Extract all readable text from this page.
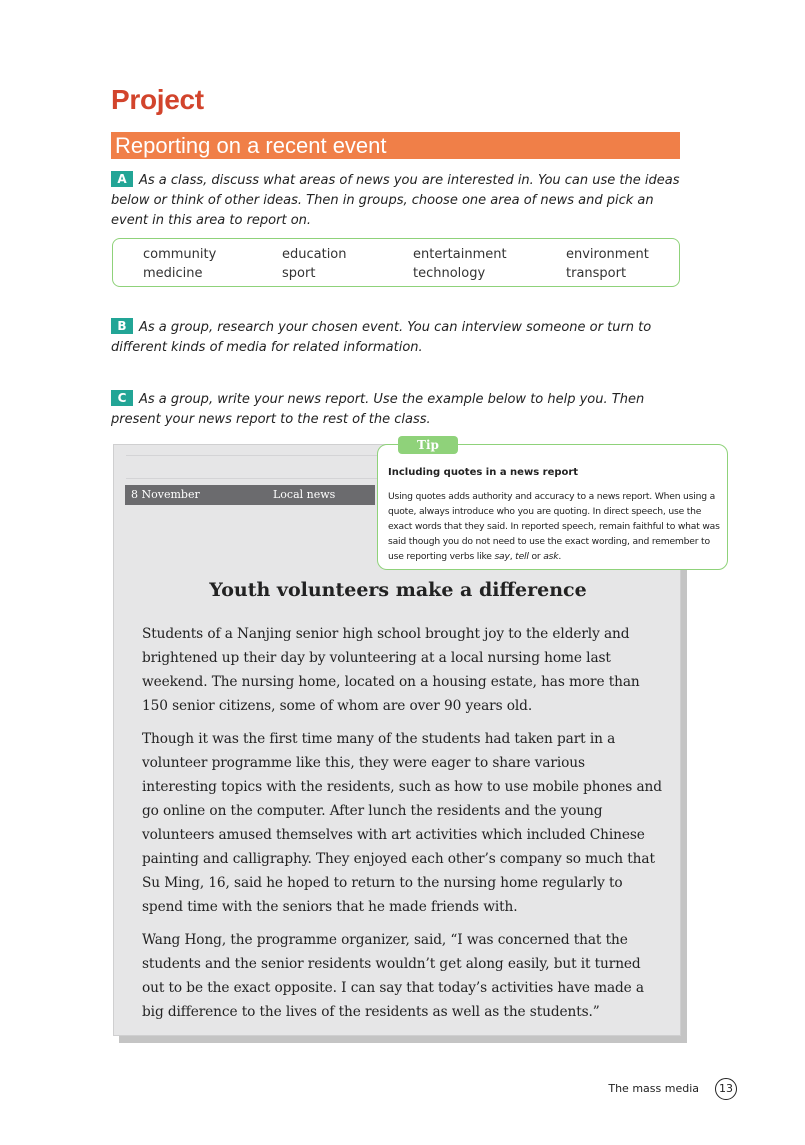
Project
Reporting on a recent event
A As a class, discuss what areas of news you are interested in. You can use the ideas below or think of other ideas. Then in groups, choose one area of news and pick an event in this area to report on.
community	education	entertainment	environment
medicine	sport	technology	transport
B As a group, research your chosen event. You can interview someone or turn to different kinds of media for related information.
C As a group, write your news report. Use the example below to help you. Then present your news report to the rest of the class.
8 November	Local news
Youth volunteers make a difference

Students of a Nanjing senior high school brought joy to the elderly and brightened up their day by volunteering at a local nursing home last weekend. The nursing home, located on a housing estate, has more than 150 senior citizens, some of whom are over 90 years old.

Though it was the first time many of the students had taken part in a volunteer programme like this, they were eager to share various interesting topics with the residents, such as how to use mobile phones and go online on the computer. After lunch the residents and the young volunteers amused themselves with art activities which included Chinese painting and calligraphy. They enjoyed each other’s company so much that Su Ming, 16, said he hoped to return to the nursing home regularly to spend time with the seniors that he made friends with.

Wang Hong, the programme organizer, said, “I was concerned that the students and the senior residents wouldn’t get along easily, but it turned out to be the exact opposite. I can say that today’s activities have made a big difference to the lives of the residents as well as the students.”

Including quotes in a news report

Using quotes adds authority and accuracy to a news report. When using a quote, always introduce who you are quoting. In direct speech, use the exact words that they said. In reported speech, remain faithful to what was said though you do not need to use the exact wording, and remember to use reporting verbs like say, tell or ask.

Tip
The mass media	13
